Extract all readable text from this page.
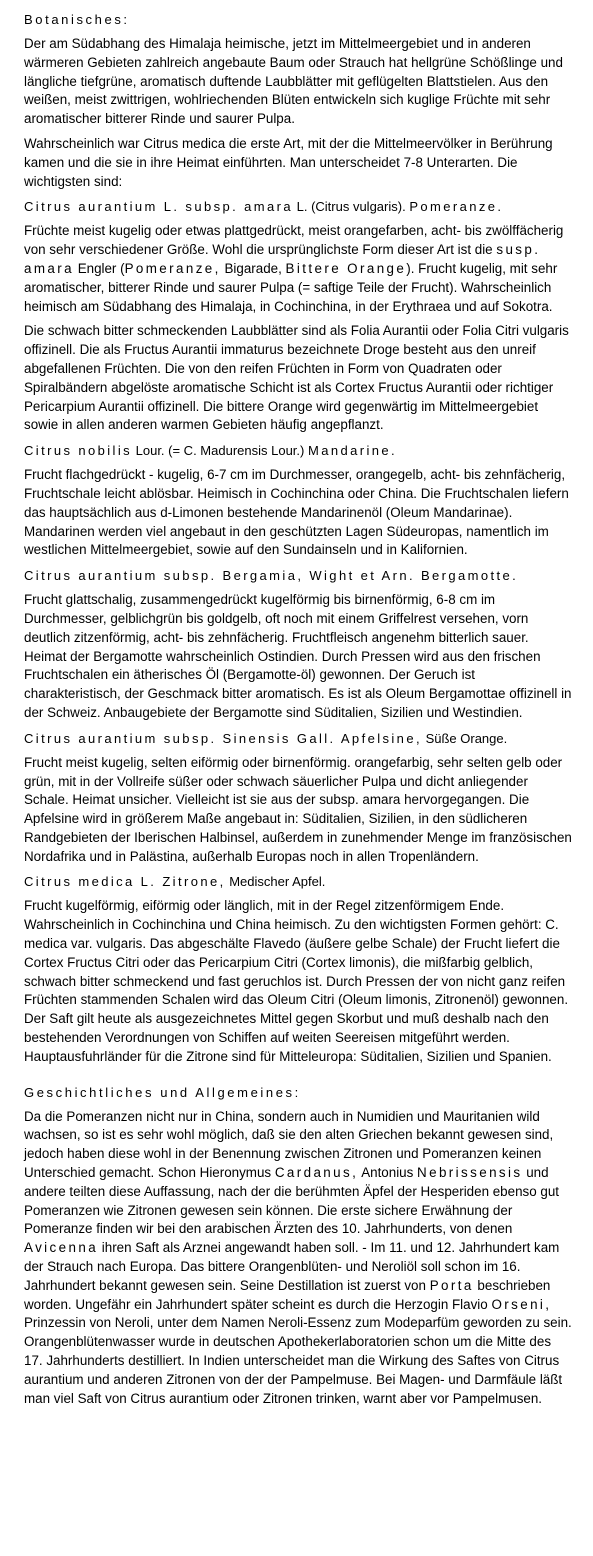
Botanisches:

Der am Südabhang des Himalaja heimische, jetzt im Mittelmeergebiet und in anderen wärmeren Gebieten zahlreich angebaute Baum oder Strauch hat hellgrüne Schößlinge und längliche tiefgrüne, aromatisch duftende Laubblätter mit geflügelten Blattstielen. Aus den weißen, meist zwittrigen, wohlriechenden Blüten entwickeln sich kuglige Früchte mit sehr aromatischer bitterer Rinde und saurer Pulpa.

Wahrscheinlich war Citrus medica die erste Art, mit der die Mittelmeervölker in Berührung kamen und die sie in ihre Heimat einführten. Man unterscheidet 7-8 Unterarten. Die wichtigsten sind:

Citrus aurantium L. subsp. amara L. (Citrus vulgaris). Pomeranze.

Früchte meist kugelig oder etwas plattgedrückt, meist orangefarben, acht- bis zwölffächerig von sehr verschiedener Größe. Wohl die ursprünglichste Form dieser Art ist die susp. amara Engler (Pomeranze, Bigarade, Bittere Orange). Frucht kugelig, mit sehr aromatischer, bitterer Rinde und saurer Pulpa (= saftige Teile der Frucht). Wahrscheinlich heimisch am Südabhang des Himalaja, in Cochinchina, in der Erythraea und auf Sokotra.

Die schwach bitter schmeckenden Laubblätter sind als Folia Aurantii oder Folia Citri vulgaris offizinell. Die als Fructus Aurantii immaturus bezeichnete Droge besteht aus den unreif abgefallenen Früchten. Die von den reifen Früchten in Form von Quadraten oder Spiralbändern abgelöste aromatische Schicht ist als Cortex Fructus Aurantii oder richtiger Pericarpium Aurantii offizinell. Die bittere Orange wird gegenwärtig im Mittelmeergebiet sowie in allen anderen warmen Gebieten häufig angepflanzt.

Citrus nobilis Lour. (= C. Madurensis Lour.) Mandarine.

Frucht flachgedrückt - kugelig, 6-7 cm im Durchmesser, orangegelb, acht- bis zehnfächerig, Fruchtschale leicht ablösbar. Heimisch in Cochinchina oder China. Die Fruchtschalen liefern das hauptsächlich aus d-Limonen bestehende Mandarinenöl (Oleum Mandarinae). Mandarinen werden viel angebaut in den geschützten Lagen Südeuropas, namentlich im westlichen Mittelmeergebiet, sowie auf den Sundainseln und in Kalifornien.

Citrus aurantium subsp. Bergamia, Wight et Arn. Bergamotte.

Frucht glattschalig, zusammengedrückt kugelförmig bis birnenförmig, 6-8 cm im Durchmesser, gelblichgrün bis goldgelb, oft noch mit einem Griffelrest versehen, vorn deutlich zitzenförmig, acht- bis zehnfächerig. Fruchtfleisch angenehm bitterlich sauer. Heimat der Bergamotte wahrscheinlich Ostindien. Durch Pressen wird aus den frischen Fruchtschalen ein ätherisches Öl (Bergamotte-öl) gewonnen. Der Geruch ist charakteristisch, der Geschmack bitter aromatisch. Es ist als Oleum Bergamottae offizinell in der Schweiz. Anbaugebiete der Bergamotte sind Süditalien, Sizilien und Westindien.

Citrus aurantium subsp. Sinensis Gall. Apfelsine, Süße Orange.

Frucht meist kugelig, selten eiförmig oder birnenförmig. orangefarbig, sehr selten gelb oder grün, mit in der Vollreife süßer oder schwach säuerlicher Pulpa und dicht anliegender Schale. Heimat unsicher. Vielleicht ist sie aus der subsp. amara hervorgegangen. Die Apfelsine wird in größerem Maße angebaut in: Süditalien, Sizilien, in den südlicheren Randgebieten der Iberischen Halbinsel, außerdem in zunehmender Menge im französischen Nordafrika und in Palästina, außerhalb Europas noch in allen Tropenländern.

Citrus medica L. Zitrone, Medischer Apfel.

Frucht kugelförmig, eiförmig oder länglich, mit in der Regel zitzenförmigem Ende. Wahrscheinlich in Cochinchina und China heimisch. Zu den wichtigsten Formen gehört: C. medica var. vulgaris. Das abgeschälte Flavedo (äußere gelbe Schale) der Frucht liefert die Cortex Fructus Citri oder das Pericarpium Citri (Cortex limonis), die mißfarbig gelblich, schwach bitter schmeckend und fast geruchlos ist. Durch Pressen der von nicht ganz reifen Früchten stammenden Schalen wird das Oleum Citri (Oleum limonis, Zitronenöl) gewonnen. Der Saft gilt heute als ausgezeichnetes Mittel gegen Skorbut und muß deshalb nach den bestehenden Verordnungen von Schiffen auf weiten Seereisen mitgeführt werden. Hauptausfuhrländer für die Zitrone sind für Mitteleuropa: Süditalien, Sizilien und Spanien.

Geschichtliches und Allgemeines:

Da die Pomeranzen nicht nur in China, sondern auch in Numidien und Mauritanien wild wachsen, so ist es sehr wohl möglich, daß sie den alten Griechen bekannt gewesen sind, jedoch haben diese wohl in der Benennung zwischen Zitronen und Pomeranzen keinen Unterschied gemacht. Schon Hieronymus Cardanus, Antonius Nebrissensis und andere teilten diese Auffassung, nach der die berühmten Äpfel der Hesperiden ebenso gut Pomeranzen wie Zitronen gewesen sein können. Die erste sichere Erwähnung der Pomeranze finden wir bei den arabischen Ärzten des 10. Jahrhunderts, von denen Avicenna ihren Saft als Arznei angewandt haben soll. - Im 11. und 12. Jahrhundert kam der Strauch nach Europa. Das bittere Orangenblüten- und Neroliöl soll schon im 16. Jahrhundert bekannt gewesen sein. Seine Destillation ist zuerst von Porta beschrieben worden. Ungefähr ein Jahrhundert später scheint es durch die Herzogin Flavio Orseni, Prinzessin von Neroli, unter dem Namen Neroli-Essenz zum Modeparfüm geworden zu sein. Orangenblütenwasser wurde in deutschen Apothekerlaboratorien schon um die Mitte des 17. Jahrhunderts destilliert. In Indien unterscheidet man die Wirkung des Saftes von Citrus aurantium und anderen Zitronen von der der Pampelmuse. Bei Magen- und Darmfäule läßt man viel Saft von Citrus aurantium oder Zitronen trinken, warnt aber vor Pampelmusen.
